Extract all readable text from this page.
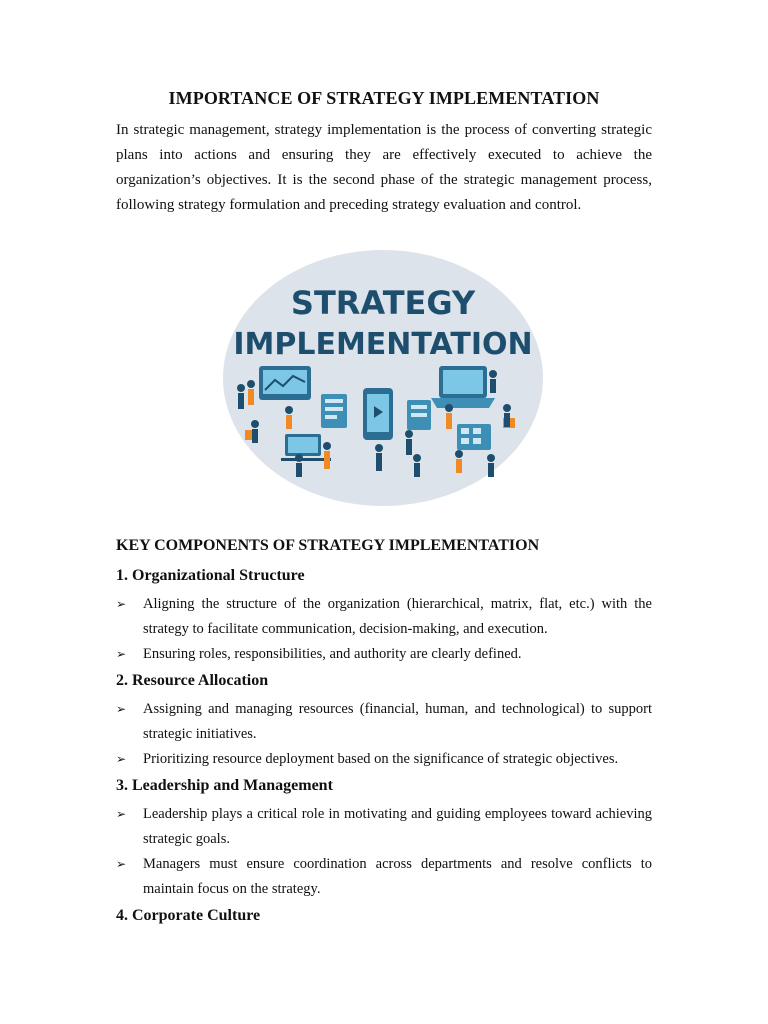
IMPORTANCE OF STRATEGY IMPLEMENTATION

In strategic management, strategy implementation is the process of converting strategic plans into actions and ensuring they are effectively executed to achieve the organization’s objectives. It is the second phase of the strategic management process, following strategy formulation and preceding strategy evaluation and control.

STRATEGY
IMPLEMENTATION
KEY COMPONENTS OF STRATEGY IMPLEMENTATION
1. Organizational Structure
➢	Aligning the structure of the organization (hierarchical, matrix, flat, etc.) with the strategy to facilitate communication, decision-making, and execution.
➢	Ensuring roles, responsibilities, and authority are clearly defined.
2. Resource Allocation
➢	Assigning and managing resources (financial, human, and technological) to support strategic initiatives.
➢	Prioritizing resource deployment based on the significance of strategic objectives.
3. Leadership and Management
➢	Leadership plays a critical role in motivating and guiding employees toward achieving strategic goals.
➢	Managers must ensure coordination across departments and resolve conflicts to maintain focus on the strategy.
4. Corporate Culture
